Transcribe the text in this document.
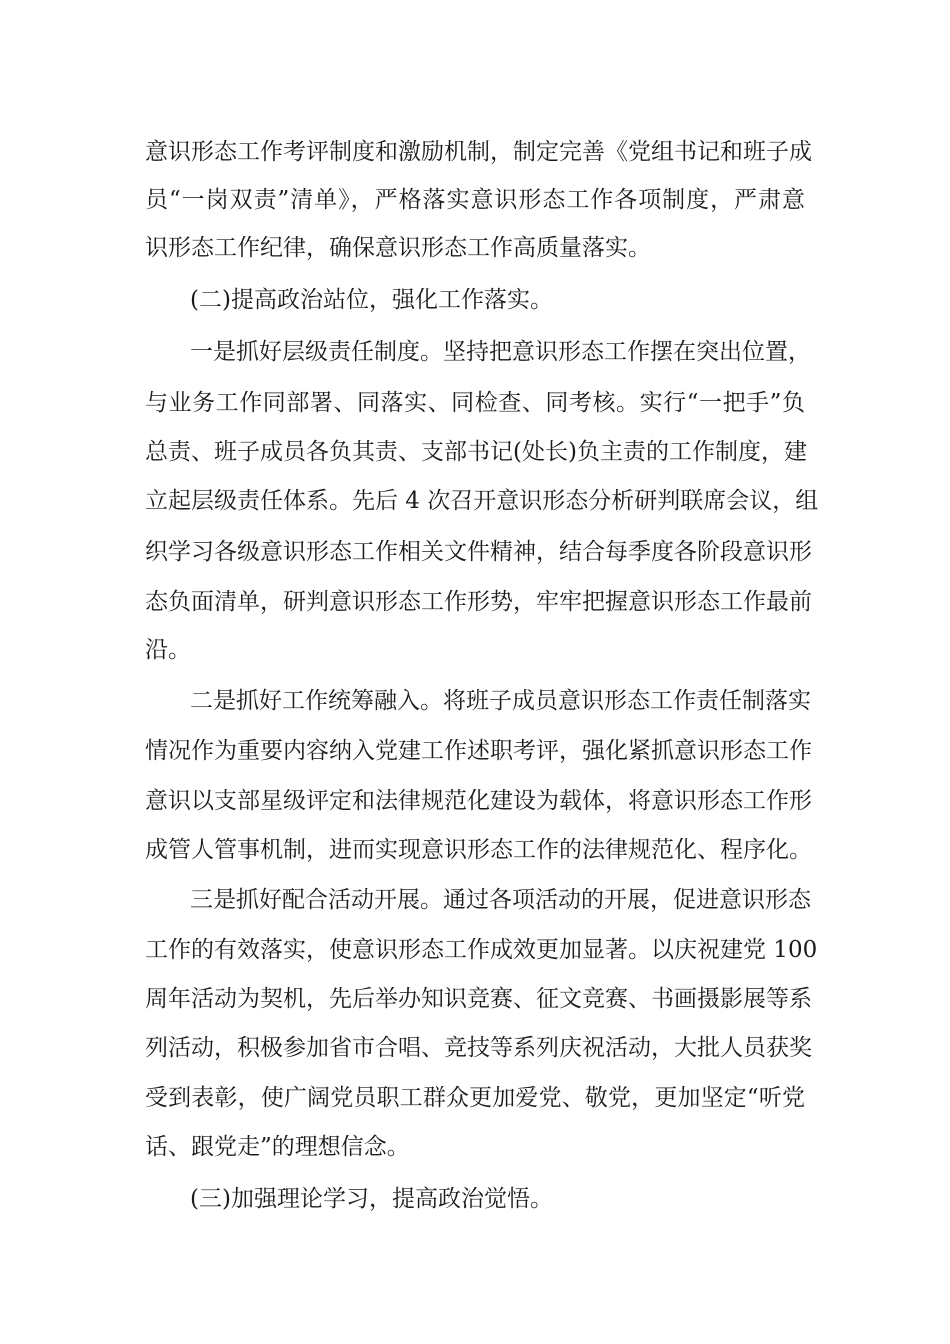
意识形态工作考评制度和激励机制，制定完善《党组书记和班子成
员“一岗双责”清单》，严格落实意识形态工作各项制度，严肃意
识形态工作纪律，确保意识形态工作高质量落实。
(二)提高政治站位，强化工作落实。
一是抓好层级责任制度。坚持把意识形态工作摆在突出位置，
与业务工作同部署、同落实、同检查、同考核。实行“一把手”负
总责、班子成员各负其责、支部书记(处长)负主责的工作制度，建
立起层级责任体系。先后 4 次召开意识形态分析研判联席会议，组
织学习各级意识形态工作相关文件精神，结合每季度各阶段意识形
态负面清单，研判意识形态工作形势，牢牢把握意识形态工作最前
沿。
二是抓好工作统筹融入。将班子成员意识形态工作责任制落实
情况作为重要内容纳入党建工作述职考评，强化紧抓意识形态工作
意识以支部星级评定和法律规范化建设为载体，将意识形态工作形
成管人管事机制，进而实现意识形态工作的法律规范化、程序化。
三是抓好配合活动开展。通过各项活动的开展，促进意识形态
工作的有效落实，使意识形态工作成效更加显著。以庆祝建党 100
周年活动为契机，先后举办知识竞赛、征文竞赛、书画摄影展等系
列活动，积极参加省市合唱、竞技等系列庆祝活动，大批人员获奖
受到表彰，使广阔党员职工群众更加爱党、敬党，更加坚定“听党
话、跟党走”的理想信念。
(三)加强理论学习，提高政治觉悟。
